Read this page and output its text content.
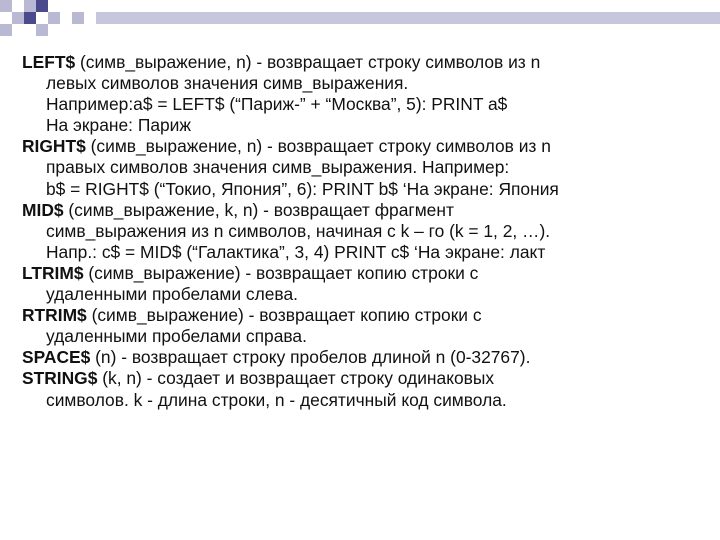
LEFT$ (симв_выражение, n) - возвращает строку символов из n
левых символов значения симв_выражения.
Например:a$ = LEFT$ (“Париж-” + “Москва”, 5): PRINT a$
На экране: Париж

RIGHT$ (симв_выражение, n) - возвращает строку символов из n
правых символов значения симв_выражения. Например:
b$ = RIGHT$ (“Токио, Япония”, 6): PRINT b$ ‘На экране: Япония

MID$ (симв_выражение, k, n) - возвращает фрагмент
симв_выражения из n символов, начиная с k – го (k = 1, 2, …).
Напр.: c$ = MID$ (“Галактика”, 3, 4) PRINT c$ ‘На экране: лакт

LTRIM$ (симв_выражение) - возвращает копию строки с
удаленными пробелами слева.

RTRIM$ (симв_выражение) - возвращает копию строки с
удаленными пробелами справа.

SPACE$ (n) - возвращает строку пробелов длиной n (0-32767).

STRING$ (k, n) - создает и возвращает строку одинаковых
символов. k - длина строки, n - десятичный код символа.
